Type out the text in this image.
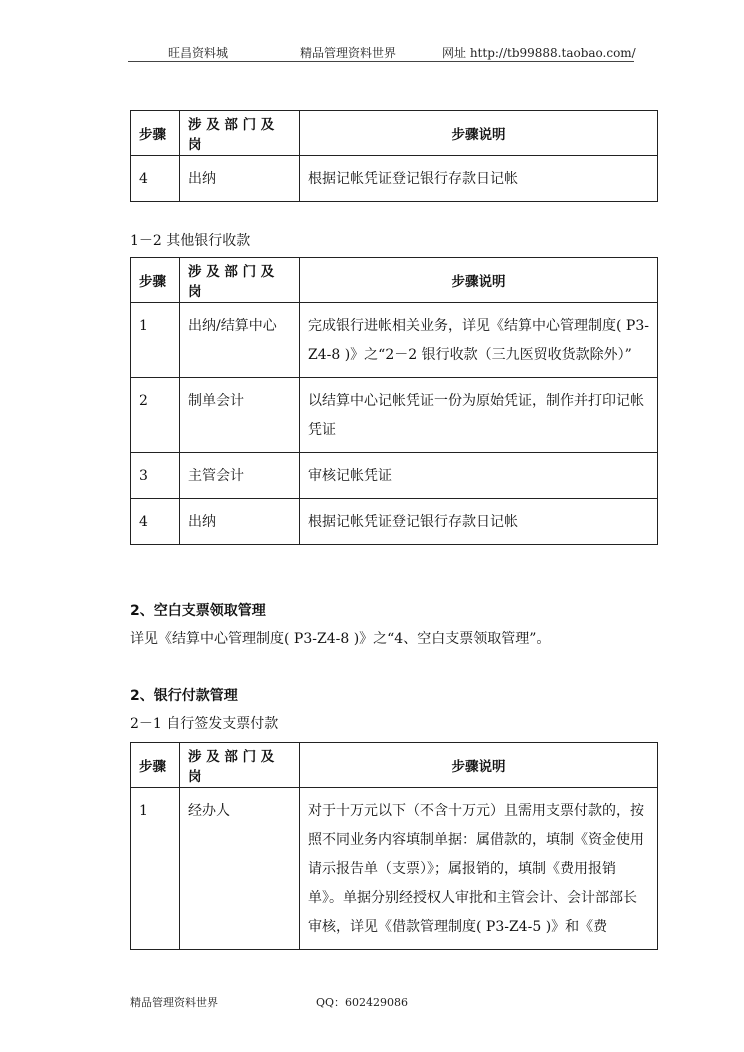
旺昌资料城	精品管理资料世界	网址 http://tb99888.taobao.com/
步骤	涉 及 部 门 及 岗	步骤说明
4	出纳	根据记帐凭证登记银行存款日记帐
1－2 其他银行收款
步骤	涉 及 部 门 及 岗	步骤说明
1	出纳/结算中心	完成银行进帐相关业务，详见《结算中心管理制度( P3-Z4-8 )》之“2－2 银行收款（三九医贸收货款除外）”
2	制单会计	以结算中心记帐凭证一份为原始凭证，制作并打印记帐凭证
3	主管会计	审核记帐凭证
4	出纳	根据记帐凭证登记银行存款日记帐
2、空白支票领取管理
详见《结算中心管理制度( P3-Z4-8 )》之“4、空白支票领取管理”。
2、银行付款管理
2－1 自行签发支票付款
步骤	涉 及 部 门 及 岗	步骤说明
1	经办人	对于十万元以下（不含十万元）且需用支票付款的，按照不同业务内容填制单据：属借款的，填制《资金使用请示报告单（支票）》；属报销的，填制《费用报销单》。单据分别经授权人审批和主管会计、会计部部长审核，详见《借款管理制度( P3-Z4-5 )》和《费
精品管理资料世界	QQ：602429086
